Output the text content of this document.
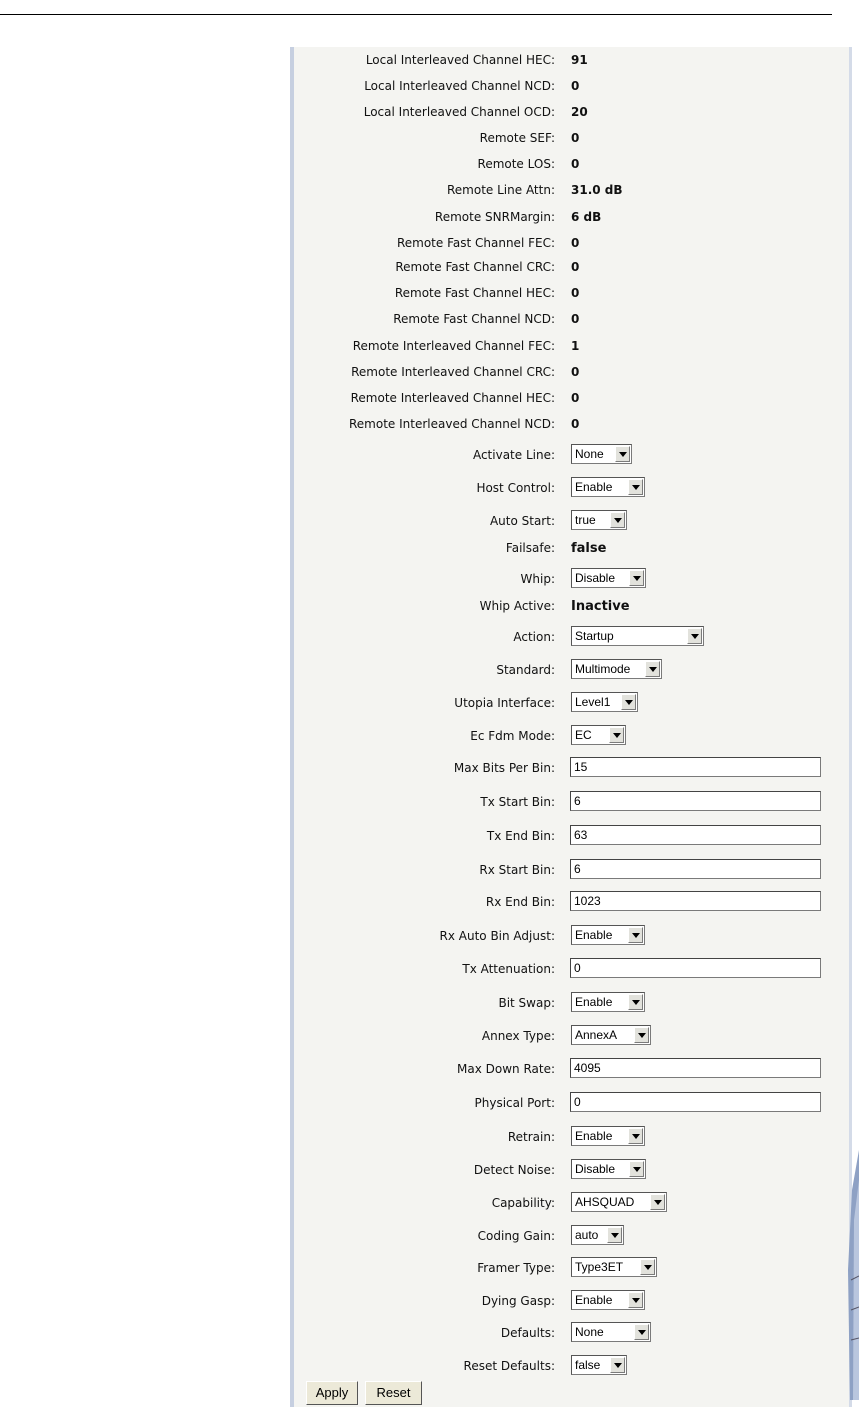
Local Interleaved Channel HEC: 91
Local Interleaved Channel NCD: 0
Local Interleaved Channel OCD: 20
Remote SEF: 0
Remote LOS: 0
Remote Line Attn: 31.0 dB
Remote SNRMargin: 6 dB
Remote Fast Channel FEC: 0
Remote Fast Channel CRC: 0
Remote Fast Channel HEC: 0
Remote Fast Channel NCD: 0
Remote Interleaved Channel FEC: 1
Remote Interleaved Channel CRC: 0
Remote Interleaved Channel HEC: 0
Remote Interleaved Channel NCD: 0
Activate Line: None
Host Control: Enable
Auto Start: true
Failsafe: false
Whip: Disable
Whip Active: Inactive
Action: Startup
Standard: Multimode
Utopia Interface: Level1
Ec Fdm Mode: EC
Max Bits Per Bin:	15
Tx Start Bin:	6
Tx End Bin:	63
Rx Start Bin:	6
Rx End Bin:	1023
Rx Auto Bin Adjust: Enable
Tx Attenuation:	0
Bit Swap: Enable
Annex Type: AnnexA
Max Down Rate:	4095
Physical Port:	0
Retrain: Enable
Detect Noise: Disable
Capability: AHSQUAD
Coding Gain: auto
Framer Type: Type3ET
Dying Gasp: Enable
Defaults: None
Reset Defaults: false
Apply	Reset
